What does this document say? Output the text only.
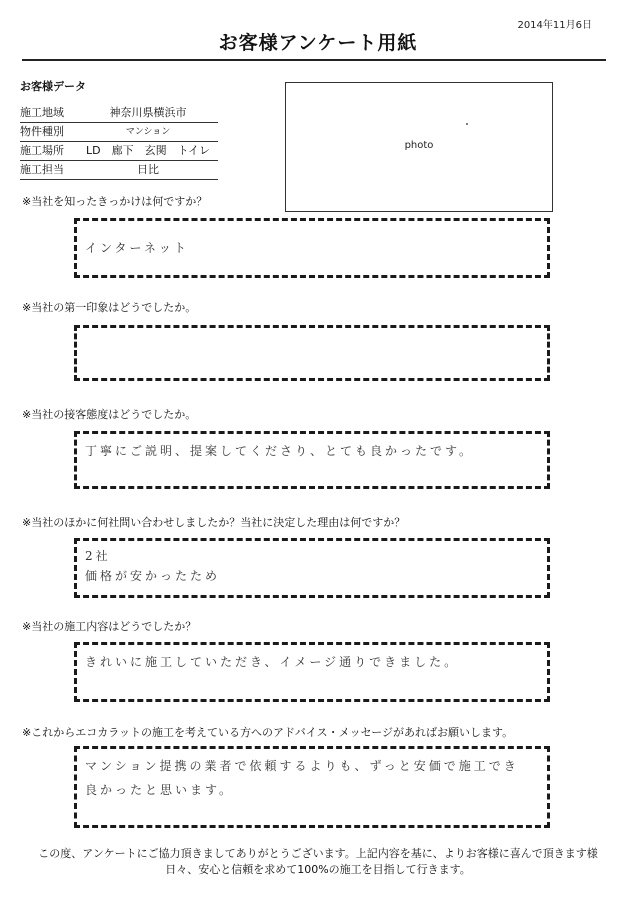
2014年11月6日
お客様アンケート用紙
お客様データ
施工地域	神奈川県横浜市
物件種別	マンション
施工場所	LD　廊下　玄関　トイレ
施工担当	日比
photo
※当社を知ったきっかけは何ですか？
インターネット
※当社の第一印象はどうでしたか。
※当社の接客態度はどうでしたか。
丁寧にご説明、提案してくださり、とても良かったです。
※当社のほかに何社問い合わせしましたか？当社に決定した理由は何ですか？
2社
価格が安かったため
※当社の施工内容はどうでしたか？
きれいに施工していただき、イメージ通りできました。
※これからエコカラットの施工を考えている方へのアドバイス・メッセージがあればお願いします。
マンション提携の業者で依頼するよりも、ずっと安価で施工でき
良かったと思います。
この度、アンケートにご協力頂きましてありがとうございます。上記内容を基に、よりお客様に喜んで頂きます様
日々、安心と信頼を求めて100%の施工を目指して行きます。
